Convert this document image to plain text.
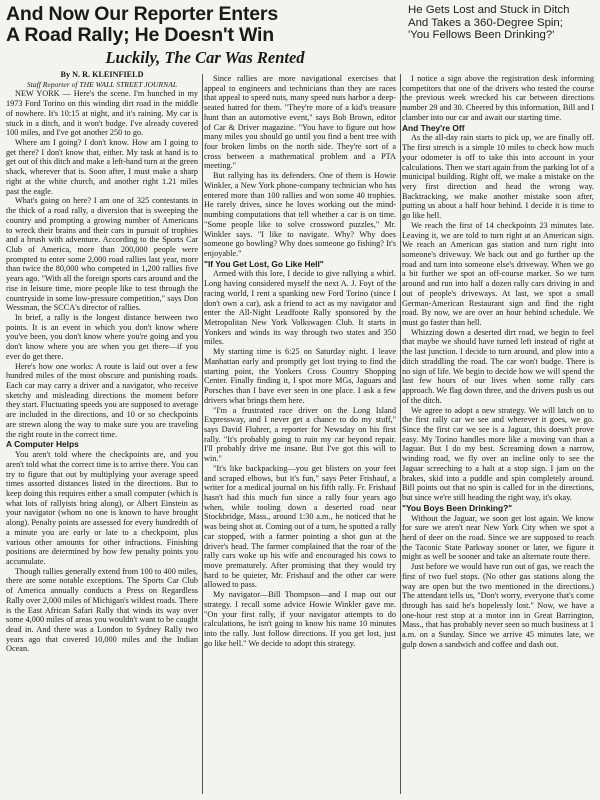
And Now Our Reporter Enters
A Road Rally; He Doesn't Win
He Gets Lost and Stuck in Ditch
And Takes a 360-Degree Spin;
'You Fellows Been Drinking?'
Luckily, The Car Was Rented

By N. R. KLEINFIELD

Staff Reporter of THE WALL STREET JOURNAL

NEW YORK — Here's the scene. I'm hunched in my 1973 Ford Torino on this winding dirt road in the middle of nowhere. It's 10:15 at night, and it's raining. My car is stuck in a ditch, and it won't budge. I've already covered 100 miles, and I've got another 250 to go.

Where am I going? I don't know. How am I going to get there? I don't know that, either. My task at hand is to get out of this ditch and make a left-hand turn at the green shack, wherever that is. Soon after, I must make a sharp right at the white church, and another right 1.21 miles past the eagle.

What's going on here? I am one of 325 contestants in the thick of a road rally, a diversion that is sweeping the country and prompting a growing number of Americans to wreck their brains and their cars in pursuit of trophies and a brush with adventure. According to the Sports Car Club of America, more than 200,000 people were prompted to enter some 2,000 road rallies last year, more than twice the 80,000 who competed in 1,200 rallies five years ago. "With all the foreign sports cars around and the rise in leisure time, more people like to test through the countryside in some low-pressure competition," says Don Wessman, the SCCA's director of rallies.

In brief, a rally is the longest distance between two points. It is an event in which you don't know where you've been, you don't know where you're going and you don't know where you are when you get there—if you ever do get there.

Here's how one works: A route is laid out over a few hundred miles of the most obscure and punishing roads. Each car may carry a driver and a navigator, who receive sketchy and misleading directions the moment before they start. Fluctuating speeds you are supposed to average are included in the directions, and 10 or so checkpoints are strewn along the way to make sure you are traveling the right route in the correct time.

A Computer Helps

You aren't told where the checkpoints are, and you aren't told what the correct time is to arrive there. You can try to figure that out by multiplying your average speed times assorted distances listed in the directions. But to keep doing this requires either a small computer (which is what lots of rallyists bring along), or Albert Einstein as your navigator (whom no one is known to have brought along). Penalty points are assessed for every hundredth of a minute you are early or late to a checkpoint, plus various other amounts for other infractions. Finishing positions are determined by how few penalty points you accumulate.

Though rallies generally extend from 100 to 400 miles, there are some notable exceptions. The Sports Car Club of America annually conducts a Press on Regardless Rally over 2,000 miles of Michigan's wildest roads. There is the East African Safari Rally that winds its way over some 4,000 miles of areas you wouldn't want to be caught dead in. And there was a London to Sydney Rally two years ago that covered 10,000 miles and the Indian Ocean.

Since rallies are more navigational exercises that appeal to engineers and technicians than they are races that appeal to speed nuts, many speed nuts harbor a deep-seated hatred for them. "They're more of a kid's treasure hunt than an automotive event," says Bob Brown, editor of Car & Driver magazine. "You have to figure out how many miles you should go until you find a bent tree with four broken limbs on the north side. They're sort of a cross between a mathematical problem and a PTA meeting."

But rallying has its defenders. One of them is Howie Winkler, a New York phone-company technician who has entered more than 100 rallies and won some 40 trophies. He rarely drives, since he loves working out the mind-numbing computations that tell whether a car is on time. "Some people like to solve crossword puzzles," Mr. Winkler says. "I like to navigate. Why? Why does someone go bowling? Why does someone go fishing? It's enjoyable."

"If You Get Lost, Go Like Hell"

Armed with this lore, I decide to give rallying a whirl. Long having considered myself the next A. J. Foyt of the racing world, I rent a spanking new Ford Torino (since I don't own a car), ask a friend to act as my navigator and enter the All-Night Leadfoote Rally sponsored by the Metropolitan New York Volkswagen Club. It starts in Yonkers and winds its way through two states and 350 miles.

My starting time is 6:25 on Saturday night. I leave Manhattan early and promptly get lost trying to find the starting point, the Yonkers Cross Country Shopping Center. Finally finding it, I spot more MGs, Jaguars and Porsches than I have ever seen in one place. I ask a few drivers what brings them here.

"I'm a frustrated race driver on the Long Island Expressway, and I never get a chance to do my stuff," says David Fluhrer, a reporter for Newsday on his first rally. "It's probably going to ruin my car beyond repair. I'll probably drive me insane. But I've got this will to win."

"It's like backpacking—you get blisters on your feet and scraped elbows, but it's fun," says Peter Frishauf, a writer for a medical journal on his fifth rally. Fr. Frishauf hasn't had this much fun since a rally four years ago when, while tooling down a deserted road near Stockbridge, Mass., around 1:30 a.m., he noticed that he was being shot at. Coming out of a turn, he spotted a rally car stopped, with a farmer pointing a shot gun at the driver's head. The farmer complained that the roar of the rally cars woke up his wife and encouraged his cows to move prematurely. After promising that they would try hard to be quieter, Mr. Frishauf and the other car were allowed to pass.

My navigator—Bill Thompson—and I map out our strategy. I recall some advice Howie Winkler gave me. "On your first rally, if your navigator attempts to do calculations, he isn't going to know his name 10 minutes into the rally. Just follow directions. If you get lost, just go like hell." We decide to adopt this strategy.

I notice a sign above the registration desk informing competitors that one of the drivers who tested the course the previous week wrecked his car between directions number 29 and 30. Cheered by this information, Bill and I clamber into our car and await our starting time.

And They're Off

As the all-day rain starts to pick up, we are finally off. The first stretch is a simple 10 miles to check how much your odometer is off to take this into account in your calculations. Then we start again from the parking lot of a municipal building. Right off, we make a mistake on the very first direction and head the wrong way. Backtracking, we make another mistake soon after, putting us about a half hour behind. I decide it is time to go like hell.

We reach the first of 14 checkpoints 23 minutes late. Leaving it, we are told to turn right at an American sign. We reach an American gas station and turn right into someone's driveway. We back out and go further up the road and turn into someone else's driveway. When we go a bit further we spot an off-course marker. So we turn around and run into half a dozen rally cars driving in and out of people's driveways. At last, we spot a small German-American Restaurant sign and find the right road. By now, we are over an hour behind schedule. We must go faster than hell.

Whizzing down a deserted dirt road, we begin to feel that maybe we should have turned left instead of right at the last junction. I decide to turn around, and plow into a ditch straddling the road. The car won't budge. There is no sign of life. We begin to decide how we will spend the last few hours of our lives when some rally cars approach. We flag down three, and the drivers push us out of the ditch.

We agree to adopt a new strategy. We will latch on to the first rally car we see and wherever it goes, we go. Since the first car we see is a Jaguar, this doesn't prove easy. My Torino handles more like a moving van than a Jaguar. But I do my best. Screaming down a narrow, winding road, we fly over an incline only to see the Jaguar screeching to a halt at a stop sign. I jam on the brakes, skid into a puddle and spin completely around. Bill points out that no spin is called for in the directions, but since we're still heading the right way, it's okay.

"You Boys Been Drinking?"

Without the Jaguar, we soon get lost again. We know for sure we aren't near New York City when we spot a herd of deer on the road. Since we are supposed to reach the Taconic State Parkway sooner or later, we figure it might as well be sooner and take an alternate route there.

Just before we would have run out of gas, we reach the first of two fuel stops. (No other gas stations along the way are open but the two mentioned in the directions.) The attendant tells us, "Don't worry, everyone that's come through has said he's hopelessly lost." Now, we have a one-hour rest stop at a motor inn in Great Barrington, Mass., that has probably never seen so much business at 1 a.m. on a Sunday. Since we arrive 45 minutes late, we gulp down a sandwich and coffee and dash out.
